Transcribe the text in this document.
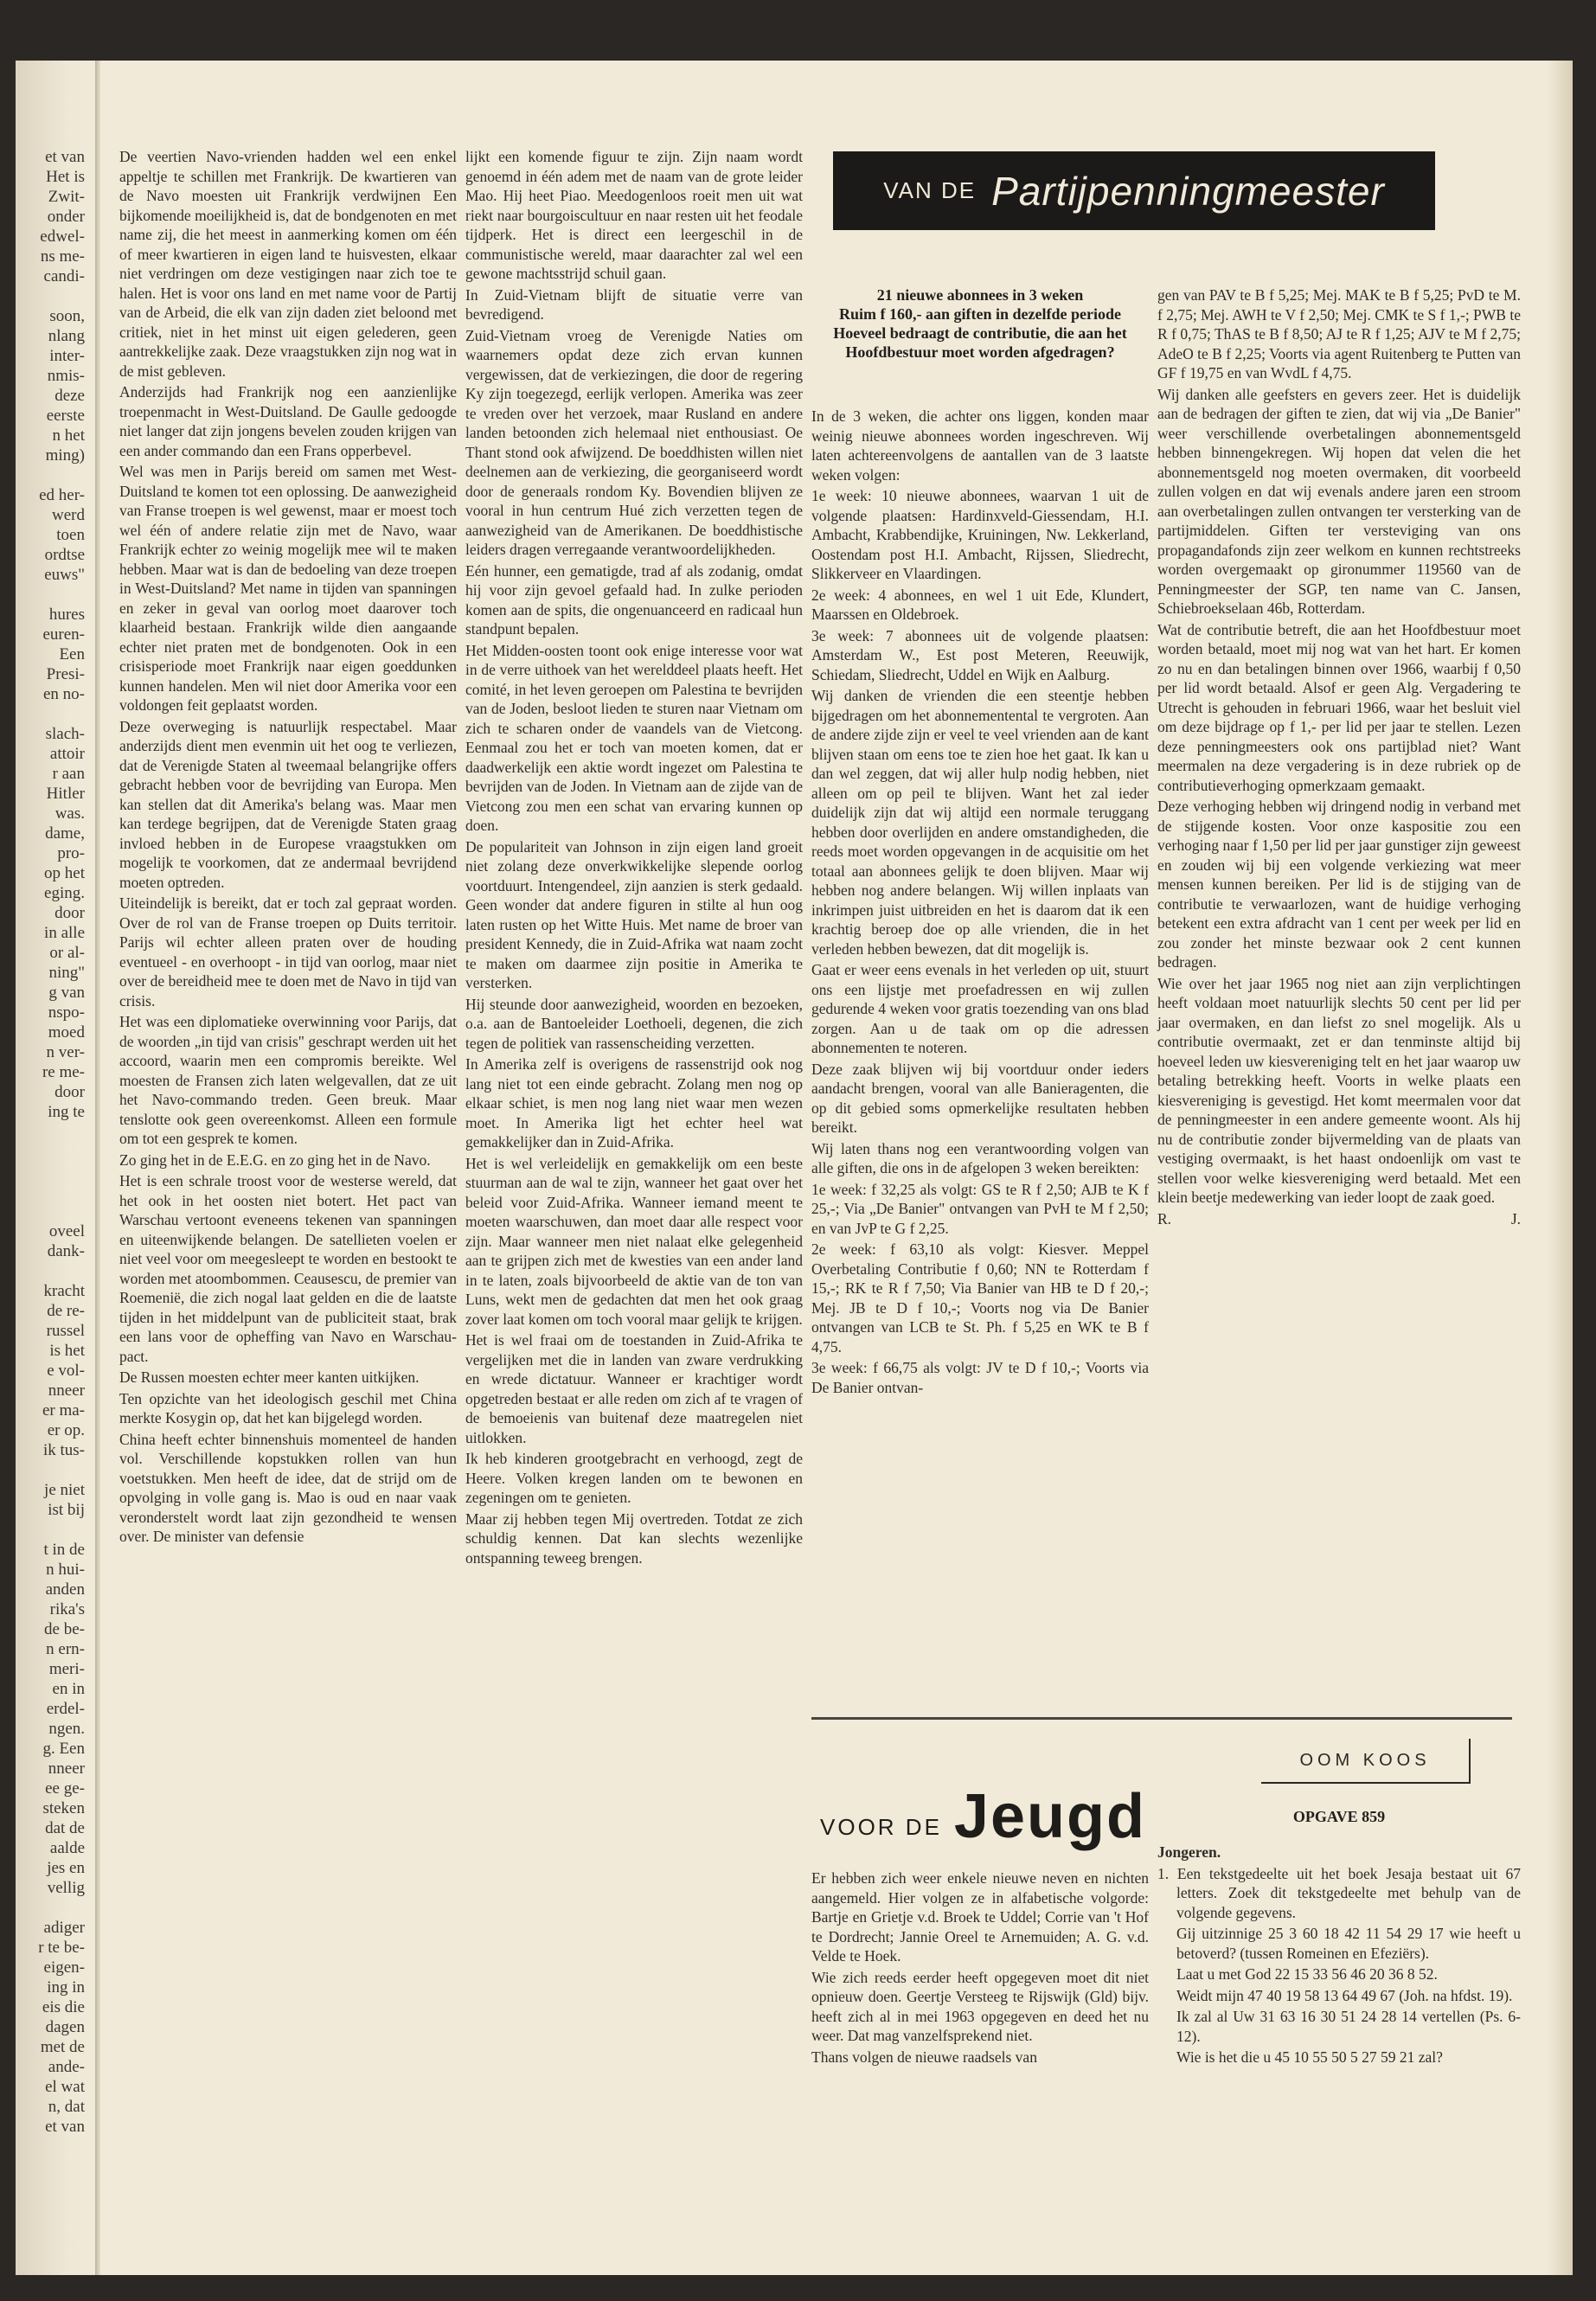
et van
Het is
Zwit-
onder
edwel-
ns me-
candi-

soon,
nlang
inter-
nmis-
deze
eerste
n het
ming)

ed her-
werd
toen
ordtse
euws"

hures
euren-
Een
Presi-
en no-

slach-
attoir
r aan
Hitler
was.
dame,
pro-
op het
eging.
door
in alle
or al-
ning"
g van
nspo-
moed
n ver-
re me-
door
ing te

oveel
dank-

kracht
de re-
russel
is het
e vol-
nneer
er ma-
er op.
ik tus-

je niet
ist bij

t in de
n hui-
anden
rika's
de be-
n ern-
meri-
en in
erdel-
ngen.
g. Een
nneer
ee ge-
steken
dat de
aalde
jes en
vellig

adiger
r te be-
eigen-
ing in
eis die
dagen
met de
ande-
el wat
n, dat
et van

De veertien Navo-vrienden hadden wel een enkel appeltje te schillen met Frankrijk. De kwartieren van de Navo moesten uit Frankrijk verdwijnen Een bijkomende moeilijkheid is, dat de bondgenoten en met name zij, die het meest in aanmerking komen om één of meer kwartieren in eigen land te huisvesten, elkaar niet verdringen om deze vestigingen naar zich toe te halen. Het is voor ons land en met name voor de Partij van de Arbeid, die elk van zijn daden ziet beloond met critiek, niet in het minst uit eigen gelederen, geen aantrekkelijke zaak. Deze vraagstukken zijn nog wat in de mist gebleven.

Anderzijds had Frankrijk nog een aanzienlijke troepenmacht in West-Duitsland. De Gaulle gedoogde niet langer dat zijn jongens bevelen zouden krijgen van een ander commando dan een Frans opperbevel.

Wel was men in Parijs bereid om samen met West-Duitsland te komen tot een oplossing. De aanwezigheid van Franse troepen is wel gewenst, maar er moest toch wel één of andere relatie zijn met de Navo, waar Frankrijk echter zo weinig mogelijk mee wil te maken hebben. Maar wat is dan de bedoeling van deze troepen in West-Duitsland? Met name in tijden van spanningen en zeker in geval van oorlog moet daarover toch klaarheid bestaan. Frankrijk wilde dien aangaande echter niet praten met de bondgenoten. Ook in een crisisperiode moet Frankrijk naar eigen goeddunken kunnen handelen. Men wil niet door Amerika voor een voldongen feit geplaatst worden.

Deze overweging is natuurlijk respectabel. Maar anderzijds dient men evenmin uit het oog te verliezen, dat de Verenigde Staten al tweemaal belangrijke offers gebracht hebben voor de bevrijding van Europa. Men kan stellen dat dit Amerika's belang was. Maar men kan terdege begrijpen, dat de Verenigde Staten graag invloed hebben in de Europese vraagstukken om mogelijk te voorkomen, dat ze andermaal bevrijdend moeten optreden.

Uiteindelijk is bereikt, dat er toch zal gepraat worden. Over de rol van de Franse troepen op Duits territoir. Parijs wil echter alleen praten over de houding eventueel - en overhoopt - in tijd van oorlog, maar niet over de bereidheid mee te doen met de Navo in tijd van crisis.

Het was een diplomatieke overwinning voor Parijs, dat de woorden „in tijd van crisis" geschrapt werden uit het accoord, waarin men een compromis bereikte. Wel moesten de Fransen zich laten welgevallen, dat ze uit het Navo-commando treden. Geen breuk. Maar tenslotte ook geen overeenkomst. Alleen een formule om tot een gesprek te komen.

Zo ging het in de E.E.G. en zo ging het in de Navo.

Het is een schrale troost voor de westerse wereld, dat het ook in het oosten niet botert. Het pact van Warschau vertoont eveneens tekenen van spanningen en uiteenwijkende belangen. De satellieten voelen er niet veel voor om meegesleept te worden en bestookt te worden met atoombommen. Ceausescu, de premier van Roemenië, die zich nogal laat gelden en die de laatste tijden in het middelpunt van de publiciteit staat, brak een lans voor de opheffing van Navo en Warschau-pact.

De Russen moesten echter meer kanten uitkijken.

Ten opzichte van het ideologisch geschil met China merkte Kosygin op, dat het kan bijgelegd worden.

China heeft echter binnenshuis momenteel de handen vol. Verschillende kopstukken rollen van hun voetstukken. Men heeft de idee, dat de strijd om de opvolging in volle gang is. Mao is oud en naar vaak veronderstelt wordt laat zijn gezondheid te wensen over. De minister van defensie

lijkt een komende figuur te zijn. Zijn naam wordt genoemd in één adem met de naam van de grote leider Mao. Hij heet Piao. Meedogenloos roeit men uit wat riekt naar bourgoiscultuur en naar resten uit het feodale tijdperk. Het is direct een leergeschil in de communistische wereld, maar daarachter zal wel een gewone machtsstrijd schuil gaan.

In Zuid-Vietnam blijft de situatie verre van bevredigend.

Zuid-Vietnam vroeg de Verenigde Naties om waarnemers opdat deze zich ervan kunnen vergewissen, dat de verkiezingen, die door de regering Ky zijn toegezegd, eerlijk verlopen. Amerika was zeer te vreden over het verzoek, maar Rusland en andere landen betoonden zich helemaal niet enthousiast. Oe Thant stond ook afwijzend. De boeddhisten willen niet deelnemen aan de verkiezing, die georganiseerd wordt door de generaals rondom Ky. Bovendien blijven ze vooral in hun centrum Hué zich verzetten tegen de aanwezigheid van de Amerikanen. De boeddhistische leiders dragen verregaande verantwoordelijkheden.

Eén hunner, een gematigde, trad af als zodanig, omdat hij voor zijn gevoel gefaald had. In zulke perioden komen aan de spits, die ongenuanceerd en radicaal hun standpunt bepalen.

Het Midden-oosten toont ook enige interesse voor wat in de verre uithoek van het werelddeel plaats heeft. Het comité, in het leven geroepen om Palestina te bevrijden van de Joden, besloot lieden te sturen naar Vietnam om zich te scharen onder de vaandels van de Vietcong. Eenmaal zou het er toch van moeten komen, dat er daadwerkelijk een aktie wordt ingezet om Palestina te bevrijden van de Joden. In Vietnam aan de zijde van de Vietcong zou men een schat van ervaring kunnen op doen.

De populariteit van Johnson in zijn eigen land groeit niet zolang deze onverkwikkelijke slepende oorlog voortduurt. Intengendeel, zijn aanzien is sterk gedaald. Geen wonder dat andere figuren in stilte al hun oog laten rusten op het Witte Huis. Met name de broer van president Kennedy, die in Zuid-Afrika wat naam zocht te maken om daarmee zijn positie in Amerika te versterken.

Hij steunde door aanwezigheid, woorden en bezoeken, o.a. aan de Bantoeleider Loethoeli, degenen, die zich tegen de politiek van rassenscheiding verzetten.

In Amerika zelf is overigens de rassenstrijd ook nog lang niet tot een einde gebracht. Zolang men nog op elkaar schiet, is men nog lang niet waar men wezen moet. In Amerika ligt het echter heel wat gemakkelijker dan in Zuid-Afrika.

Het is wel verleidelijk en gemakkelijk om een beste stuurman aan de wal te zijn, wanneer het gaat over het beleid voor Zuid-Afrika. Wanneer iemand meent te moeten waarschuwen, dan moet daar alle respect voor zijn. Maar wanneer men niet nalaat elke gelegenheid aan te grijpen zich met de kwesties van een ander land in te laten, zoals bijvoorbeeld de aktie van de ton van Luns, wekt men de gedachten dat men het ook graag zover laat komen om toch vooral maar gelijk te krijgen.

Het is wel fraai om de toestanden in Zuid-Afrika te vergelijken met die in landen van zware verdrukking en wrede dictatuur. Wanneer er krachtiger wordt opgetreden bestaat er alle reden om zich af te vragen of de bemoeienis van buitenaf deze maatregelen niet uitlokken.

Ik heb kinderen grootgebracht en verhoogd, zegt de Heere. Volken kregen landen om te bewonen en zegeningen om te genieten.

Maar zij hebben tegen Mij overtreden. Totdat ze zich schuldig kennen. Dat kan slechts wezenlijke ontspanning teweeg brengen.

VAN DE Partijpenningmeester

21 nieuwe abonnees in 3 weken

Ruim f 160,- aan giften in dezelfde periode

Hoeveel bedraagt de contributie, die aan het Hoofdbestuur moet worden afgedragen?

In de 3 weken, die achter ons liggen, konden maar weinig nieuwe abonnees worden ingeschreven. Wij laten achtereenvolgens de aantallen van de 3 laatste weken volgen:

1e week: 10 nieuwe abonnees, waarvan 1 uit de volgende plaatsen: Hardinxveld-Giessendam, H.I. Ambacht, Krabbendijke, Kruiningen, Nw. Lekkerland, Oostendam post H.I. Ambacht, Rijssen, Sliedrecht, Slikkerveer en Vlaardingen.

2e week: 4 abonnees, en wel 1 uit Ede, Klundert, Maarssen en Oldebroek.

3e week: 7 abonnees uit de volgende plaatsen: Amsterdam W., Est post Meteren, Reeuwijk, Schiedam, Sliedrecht, Uddel en Wijk en Aalburg.

Wij danken de vrienden die een steentje hebben bijgedragen om het abonnementental te vergroten. Aan de andere zijde zijn er veel te veel vrienden aan de kant blijven staan om eens toe te zien hoe het gaat. Ik kan u dan wel zeggen, dat wij aller hulp nodig hebben, niet alleen om op peil te blijven. Want het zal ieder duidelijk zijn dat wij altijd een normale teruggang hebben door overlijden en andere omstandigheden, die reeds moet worden opgevangen in de acquisitie om het totaal aan abonnees gelijk te doen blijven. Maar wij hebben nog andere belangen. Wij willen inplaats van inkrimpen juist uitbreiden en het is daarom dat ik een krachtig beroep doe op alle vrienden, die in het verleden hebben bewezen, dat dit mogelijk is.

Gaat er weer eens evenals in het verleden op uit, stuurt ons een lijstje met proefadressen en wij zullen gedurende 4 weken voor gratis toezending van ons blad zorgen. Aan u de taak om op die adressen abonnementen te noteren.

Deze zaak blijven wij bij voortduur onder ieders aandacht brengen, vooral van alle Banieragenten, die op dit gebied soms opmerkelijke resultaten hebben bereikt.

Wij laten thans nog een verantwoording volgen van alle giften, die ons in de afgelopen 3 weken bereikten:

1e week: f 32,25 als volgt: GS te R f 2,50; AJB te K f 25,-; Via „De Banier" ontvangen van PvH te M f 2,50; en van JvP te G f 2,25.

2e week: f 63,10 als volgt: Kiesver. Meppel Overbetaling Contributie f 0,60; NN te Rotterdam f 15,-; RK te R f 7,50; Via Banier van HB te D f 20,-; Mej. JB te D f 10,-; Voorts nog via De Banier ontvangen van LCB te St. Ph. f 5,25 en WK te B f 4,75.

3e week: f 66,75 als volgt: JV te D f 10,-; Voorts via De Banier ontvan-

gen van PAV te B f 5,25; Mej. MAK te B f 5,25; PvD te M. f 2,75; Mej. AWH te V f 2,50; Mej. CMK te S f 1,-; PWB te R f 0,75; ThAS te B f 8,50; AJ te R f 1,25; AJV te M f 2,75; AdeO te B f 2,25; Voorts via agent Ruitenberg te Putten van GF f 19,75 en van WvdL f 4,75.

Wij danken alle geefsters en gevers zeer. Het is duidelijk aan de bedragen der giften te zien, dat wij via „De Banier" weer verschillende overbetalingen abonnementsgeld hebben binnengekregen. Wij hopen dat velen die het abonnementsgeld nog moeten overmaken, dit voorbeeld zullen volgen en dat wij evenals andere jaren een stroom aan overbetalingen zullen ontvangen ter versterking van de partijmiddelen. Giften ter versteviging van ons propagandafonds zijn zeer welkom en kunnen rechtstreeks worden overgemaakt op gironummer 119560 van de Penningmeester der SGP, ten name van C. Jansen, Schiebroekselaan 46b, Rotterdam.

Wat de contributie betreft, die aan het Hoofdbestuur moet worden betaald, moet mij nog wat van het hart. Er komen zo nu en dan betalingen binnen over 1966, waarbij f 0,50 per lid wordt betaald. Alsof er geen Alg. Vergadering te Utrecht is gehouden in februari 1966, waar het besluit viel om deze bijdrage op f 1,- per lid per jaar te stellen. Lezen deze penningmeesters ook ons partijblad niet? Want meermalen na deze vergadering is in deze rubriek op de contributieverhoging opmerkzaam gemaakt.

Deze verhoging hebben wij dringend nodig in verband met de stijgende kosten. Voor onze kaspositie zou een verhoging naar f 1,50 per lid per jaar gunstiger zijn geweest en zouden wij bij een volgende verkiezing wat meer mensen kunnen bereiken. Per lid is de stijging van de contributie te verwaarlozen, want de huidige verhoging betekent een extra afdracht van 1 cent per week per lid en zou zonder het minste bezwaar ook 2 cent kunnen bedragen.

Wie over het jaar 1965 nog niet aan zijn verplichtingen heeft voldaan moet natuurlijk slechts 50 cent per lid per jaar overmaken, en dan liefst zo snel mogelijk. Als u contributie overmaakt, zet er dan tenminste altijd bij hoeveel leden uw kiesvereniging telt en het jaar waarop uw betaling betrekking heeft. Voorts in welke plaats een kiesvereniging is gevestigd. Het komt meermalen voor dat de penningmeester in een andere gemeente woont. Als hij nu de contributie zonder bijvermelding van de plaats van vestiging overmaakt, is het haast ondoenlijk om vast te stellen voor welke kiesvereniging werd betaald. Met een klein beetje medewerking van ieder loopt de zaak goed.

R.	J.
OOM KOOS
VOOR DE Jeugd	OPGAVE 859

Er hebben zich weer enkele nieuwe neven en nichten aangemeld. Hier volgen ze in alfabetische volgorde: Bartje en Grietje v.d. Broek te Uddel; Corrie van 't Hof te Dordrecht; Jannie Oreel te Arnemuiden; A. G. v.d. Velde te Hoek.

Wie zich reeds eerder heeft opgegeven moet dit niet opnieuw doen. Geertje Versteeg te Rijswijk (Gld) bijv. heeft zich al in mei 1963 opgegeven en deed het nu weer. Dat mag vanzelfsprekend niet.

Thans volgen de nieuwe raadsels van

Jongeren.

1. Een tekstgedeelte uit het boek Jesaja bestaat uit 67 letters. Zoek dit tekstgedeelte met behulp van de volgende gegevens.

Gij uitzinnige 25 3 60 18 42 11 54 29 17 wie heeft u betoverd? (tussen Romeinen en Efeziërs).

Laat u met God 22 15 33 56 46 20 36 8 52.

Weidt mijn 47 40 19 58 13 64 49 67 (Joh. na hfdst. 19).

Ik zal al Uw 31 63 16 30 51 24 28 14 vertellen (Ps. 6-12).

Wie is het die u 45 10 55 50 5 27 59 21 zal?
